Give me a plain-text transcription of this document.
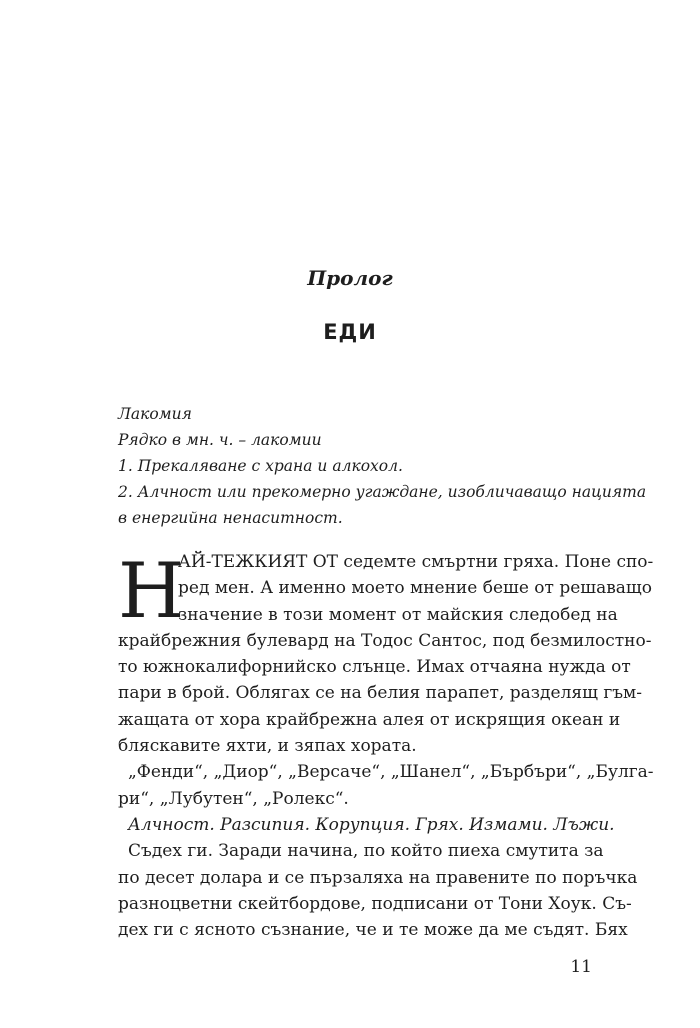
Пролог
ЕДИ
Лакомия
Рядко в мн. ч. – лакомии
1. Прекаляване с храна и алкохол.
2. Алчност или прекомерно угаждане, изобличаващо нацията
в енергийна ненаситност.
Н
АЙ-ТЕЖКИЯТ ОТ седемте смъртни гряха. Поне спо-
ред мен. А именно моето мнение беше от решаващо
значение в този момент от майския следобед на
крайбрежния булевард на Тодос Сантос, под безмилостно-
то южнокалифорнийско слънце. Имах отчаяна нужда от
пари в брой. Облягах се на белия парапет, разделящ гъм-
жащата от хора крайбрежна алея от искрящия океан и
бляскавите яхти, и зяпах хората.
„Фенди“, „Диор“, „Версаче“, „Шанел“, „Бърбъри“, „Булга-
ри“, „Лубутен“, „Ролекс“.
Алчност. Разсипия. Корупция. Грях. Измами. Лъжи.
Съдех ги. Заради начина, по който пиеха смутита за
по десет долара и се пързаляха на правените по поръчка
разноцветни скейтбордове, подписани от Тони Хоук. Съ-
дех ги с ясното съзнание, че и те може да ме съдят. Бях
11
